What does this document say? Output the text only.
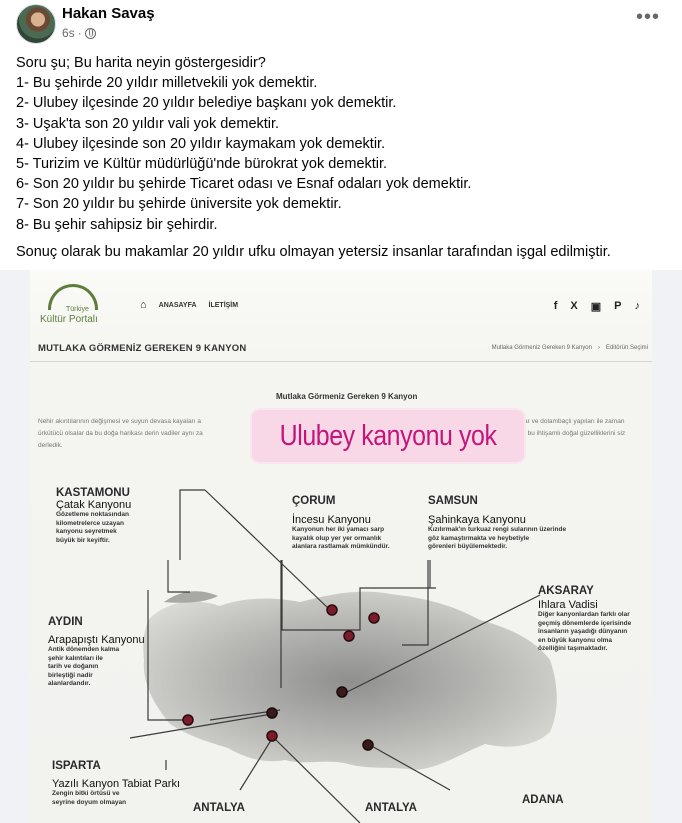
Hakan Savaş
6s ·
•••
Soru şu; Bu harita neyin göstergesidir?
1- Bu şehirde 20 yıldır milletvekili yok demektir.
2- Ulubey ilçesinde 20 yıldır belediye başkanı yok demektir.
3- Uşak'ta son 20 yıldır vali yok demektir.
4- Ulubey ilçesinde son 20 yıldır kaymakam yok demektir.
5- Turizim ve Kültür müdürlüğü'nde bürokrat yok demektir.
6- Son 20 yıldır bu şehirde Ticaret odası ve Esnaf odaları yok demektir.
7- Son 20 yıldır bu şehirde üniversite yok demektir.
8- Bu şehir sahipsiz bir şehirdir.
Sonuç olarak bu makamlar 20 yıldır ufku olmayan yetersiz insanlar tarafından işgal edilmiştir.
Türkiye
Kültür Portalı
⌂ ANASAYFA İLETİŞİM	f X ▣ P ♪
MUTLAKA GÖRMENİZ GEREKEN 9 KANYON	Mutlaka Görmeniz Gereken 9 Kanyon › Editörün Seçimi
Mutlaka Görmeniz Gereken 9 Kanyon
Nehir akıntılarının değişmesi ve suyun devasa kayaları a
ürkütücü olsalar da bu doğa harikası derin vadiler aynı za
derledik.
ar ve dolambaçlı yapıları ile zaman
, bu ihtişamlı doğal güzelliklerini siz
Ulubey kanyonu yok
KASTAMONU
Çatak Kanyonu
Gözetleme noktasından
kilometrelerce uzayan
kanyonu seyretmek
büyük bir keyiftir.
ÇORUM
İncesu Kanyonu
Kanyonun her iki yamacı sarp
kayalık olup yer yer ormanlık
alanlara rastlamak mümkündür.
SAMSUN
Şahinkaya Kanyonu
Kızılırmak'ın turkuaz rengi sularının üzerinde
göz kamaştırmakta ve heybetiyle
görenleri büyülemektedir.
AYDIN
Arapapıştı Kanyonu
Antik dönemden kalma
şehir kalıntıları ile
tarih ve doğanın
birleştiği nadir
alanlardandır.
AKSARAY
Ihlara Vadisi
Diğer kanyonlardan farklı olar
geçmiş dönemlerde içerisinde
insanların yaşadığı dünyanın
en büyük kanyonu olma
özelliğini taşımaktadır.
ISPARTA
Yazılı Kanyon Tabiat Parkı
Zengin bitki örtüsü ve
seyrine doyum olmayan	ANTALYA	ANTALYA
ADANA
